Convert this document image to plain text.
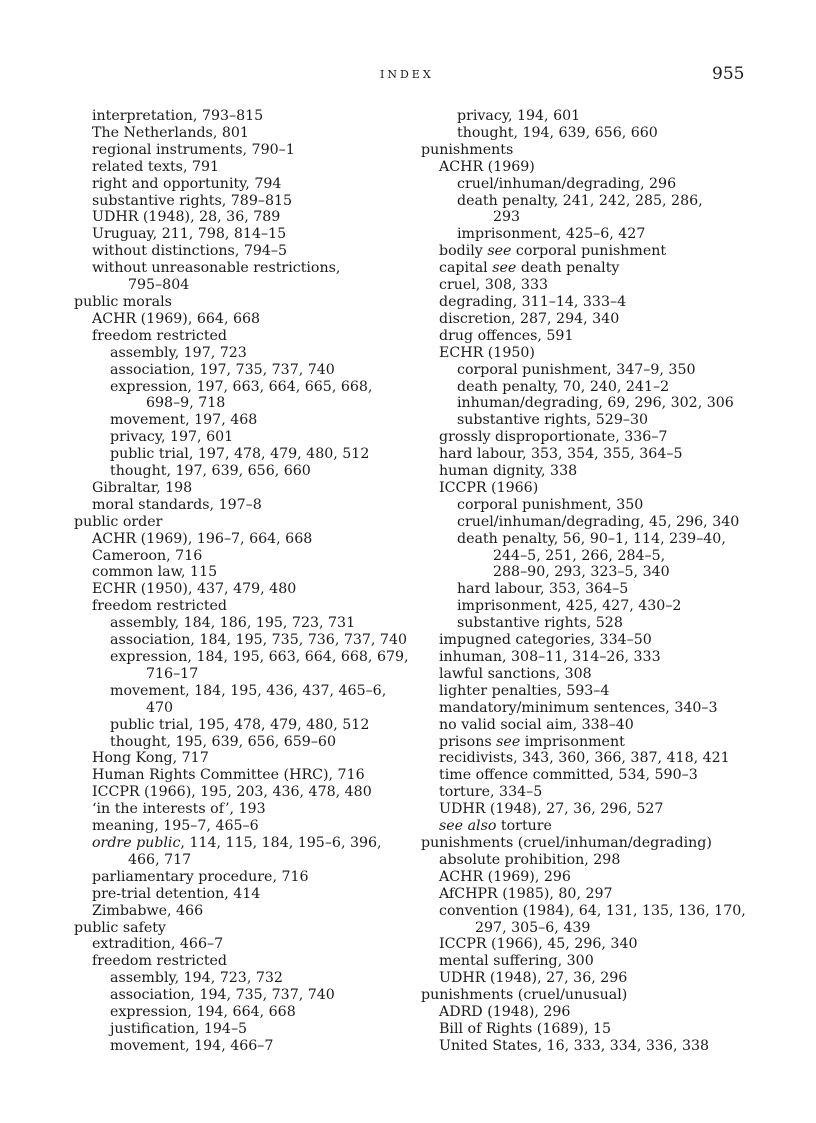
INDEX	955
interpretation, 793–815
The Netherlands, 801
regional instruments, 790–1
related texts, 791
right and opportunity, 794
substantive rights, 789–815
UDHR (1948), 28, 36, 789
Uruguay, 211, 798, 814–15
without distinctions, 794–5
without unreasonable restrictions,
795–804
public morals
ACHR (1969), 664, 668
freedom restricted
assembly, 197, 723
association, 197, 735, 737, 740
expression, 197, 663, 664, 665, 668,
698–9, 718
movement, 197, 468
privacy, 197, 601
public trial, 197, 478, 479, 480, 512
thought, 197, 639, 656, 660
Gibraltar, 198
moral standards, 197–8
public order
ACHR (1969), 196–7, 664, 668
Cameroon, 716
common law, 115
ECHR (1950), 437, 479, 480
freedom restricted
assembly, 184, 186, 195, 723, 731
association, 184, 195, 735, 736, 737, 740
expression, 184, 195, 663, 664, 668, 679,
716–17
movement, 184, 195, 436, 437, 465–6,
470
public trial, 195, 478, 479, 480, 512
thought, 195, 639, 656, 659–60
Hong Kong, 717
Human Rights Committee (HRC), 716
ICCPR (1966), 195, 203, 436, 478, 480
‘in the interests of’, 193
meaning, 195–7, 465–6
ordre public, 114, 115, 184, 195–6, 396,
466, 717
parliamentary procedure, 716
pre-trial detention, 414
Zimbabwe, 466
public safety
extradition, 466–7
freedom restricted
assembly, 194, 723, 732
association, 194, 735, 737, 740
expression, 194, 664, 668
justification, 194–5
movement, 194, 466–7
privacy, 194, 601
thought, 194, 639, 656, 660
punishments
ACHR (1969)
cruel/inhuman/degrading, 296
death penalty, 241, 242, 285, 286,
293
imprisonment, 425–6, 427
bodily see corporal punishment
capital see death penalty
cruel, 308, 333
degrading, 311–14, 333–4
discretion, 287, 294, 340
drug offences, 591
ECHR (1950)
corporal punishment, 347–9, 350
death penalty, 70, 240, 241–2
inhuman/degrading, 69, 296, 302, 306
substantive rights, 529–30
grossly disproportionate, 336–7
hard labour, 353, 354, 355, 364–5
human dignity, 338
ICCPR (1966)
corporal punishment, 350
cruel/inhuman/degrading, 45, 296, 340
death penalty, 56, 90–1, 114, 239–40,
244–5, 251, 266, 284–5,
288–90, 293, 323–5, 340
hard labour, 353, 364–5
imprisonment, 425, 427, 430–2
substantive rights, 528
impugned categories, 334–50
inhuman, 308–11, 314–26, 333
lawful sanctions, 308
lighter penalties, 593–4
mandatory/minimum sentences, 340–3
no valid social aim, 338–40
prisons see imprisonment
recidivists, 343, 360, 366, 387, 418, 421
time offence committed, 534, 590–3
torture, 334–5
UDHR (1948), 27, 36, 296, 527
see also torture
punishments (cruel/inhuman/degrading)
absolute prohibition, 298
ACHR (1969), 296
AfCHPR (1985), 80, 297
convention (1984), 64, 131, 135, 136, 170,
297, 305–6, 439
ICCPR (1966), 45, 296, 340
mental suffering, 300
UDHR (1948), 27, 36, 296
punishments (cruel/unusual)
ADRD (1948), 296
Bill of Rights (1689), 15
United States, 16, 333, 334, 336, 338
